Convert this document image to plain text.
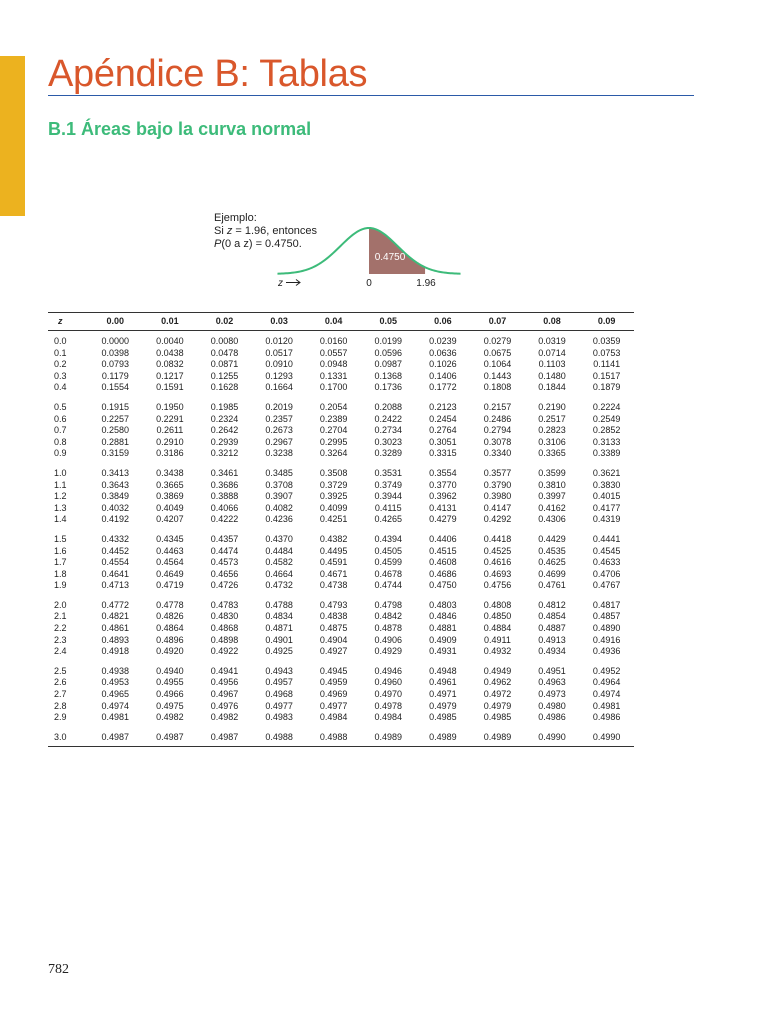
Apéndice B: Tablas
B.1 Áreas bajo la curva normal
Ejemplo:
Si z = 1.96, entonces
P(0 a z) = 0.4750.
0.4750
z	0	1.96
z	0.00	0.01	0.02	0.03	0.04	0.05	0.06	0.07	0.08	0.09
0.0	0.0000	0.0040	0.0080	0.0120	0.0160	0.0199	0.0239	0.0279	0.0319	0.0359
0.1	0.0398	0.0438	0.0478	0.0517	0.0557	0.0596	0.0636	0.0675	0.0714	0.0753
0.2	0.0793	0.0832	0.0871	0.0910	0.0948	0.0987	0.1026	0.1064	0.1103	0.1141
0.3	0.1179	0.1217	0.1255	0.1293	0.1331	0.1368	0.1406	0.1443	0.1480	0.1517
0.4	0.1554	0.1591	0.1628	0.1664	0.1700	0.1736	0.1772	0.1808	0.1844	0.1879
0.5	0.1915	0.1950	0.1985	0.2019	0.2054	0.2088	0.2123	0.2157	0.2190	0.2224
0.6	0.2257	0.2291	0.2324	0.2357	0.2389	0.2422	0.2454	0.2486	0.2517	0.2549
0.7	0.2580	0.2611	0.2642	0.2673	0.2704	0.2734	0.2764	0.2794	0.2823	0.2852
0.8	0.2881	0.2910	0.2939	0.2967	0.2995	0.3023	0.3051	0.3078	0.3106	0.3133
0.9	0.3159	0.3186	0.3212	0.3238	0.3264	0.3289	0.3315	0.3340	0.3365	0.3389
1.0	0.3413	0.3438	0.3461	0.3485	0.3508	0.3531	0.3554	0.3577	0.3599	0.3621
1.1	0.3643	0.3665	0.3686	0.3708	0.3729	0.3749	0.3770	0.3790	0.3810	0.3830
1.2	0.3849	0.3869	0.3888	0.3907	0.3925	0.3944	0.3962	0.3980	0.3997	0.4015
1.3	0.4032	0.4049	0.4066	0.4082	0.4099	0.4115	0.4131	0.4147	0.4162	0.4177
1.4	0.4192	0.4207	0.4222	0.4236	0.4251	0.4265	0.4279	0.4292	0.4306	0.4319
1.5	0.4332	0.4345	0.4357	0.4370	0.4382	0.4394	0.4406	0.4418	0.4429	0.4441
1.6	0.4452	0.4463	0.4474	0.4484	0.4495	0.4505	0.4515	0.4525	0.4535	0.4545
1.7	0.4554	0.4564	0.4573	0.4582	0.4591	0.4599	0.4608	0.4616	0.4625	0.4633
1.8	0.4641	0.4649	0.4656	0.4664	0.4671	0.4678	0.4686	0.4693	0.4699	0.4706
1.9	0.4713	0.4719	0.4726	0.4732	0.4738	0.4744	0.4750	0.4756	0.4761	0.4767
2.0	0.4772	0.4778	0.4783	0.4788	0.4793	0.4798	0.4803	0.4808	0.4812	0.4817
2.1	0.4821	0.4826	0.4830	0.4834	0.4838	0.4842	0.4846	0.4850	0.4854	0.4857
2.2	0.4861	0.4864	0.4868	0.4871	0.4875	0.4878	0.4881	0.4884	0.4887	0.4890
2.3	0.4893	0.4896	0.4898	0.4901	0.4904	0.4906	0.4909	0.4911	0.4913	0.4916
2.4	0.4918	0.4920	0.4922	0.4925	0.4927	0.4929	0.4931	0.4932	0.4934	0.4936
2.5	0.4938	0.4940	0.4941	0.4943	0.4945	0.4946	0.4948	0.4949	0.4951	0.4952
2.6	0.4953	0.4955	0.4956	0.4957	0.4959	0.4960	0.4961	0.4962	0.4963	0.4964
2.7	0.4965	0.4966	0.4967	0.4968	0.4969	0.4970	0.4971	0.4972	0.4973	0.4974
2.8	0.4974	0.4975	0.4976	0.4977	0.4977	0.4978	0.4979	0.4979	0.4980	0.4981
2.9	0.4981	0.4982	0.4982	0.4983	0.4984	0.4984	0.4985	0.4985	0.4986	0.4986
3.0	0.4987	0.4987	0.4987	0.4988	0.4988	0.4989	0.4989	0.4989	0.4990	0.4990
782
